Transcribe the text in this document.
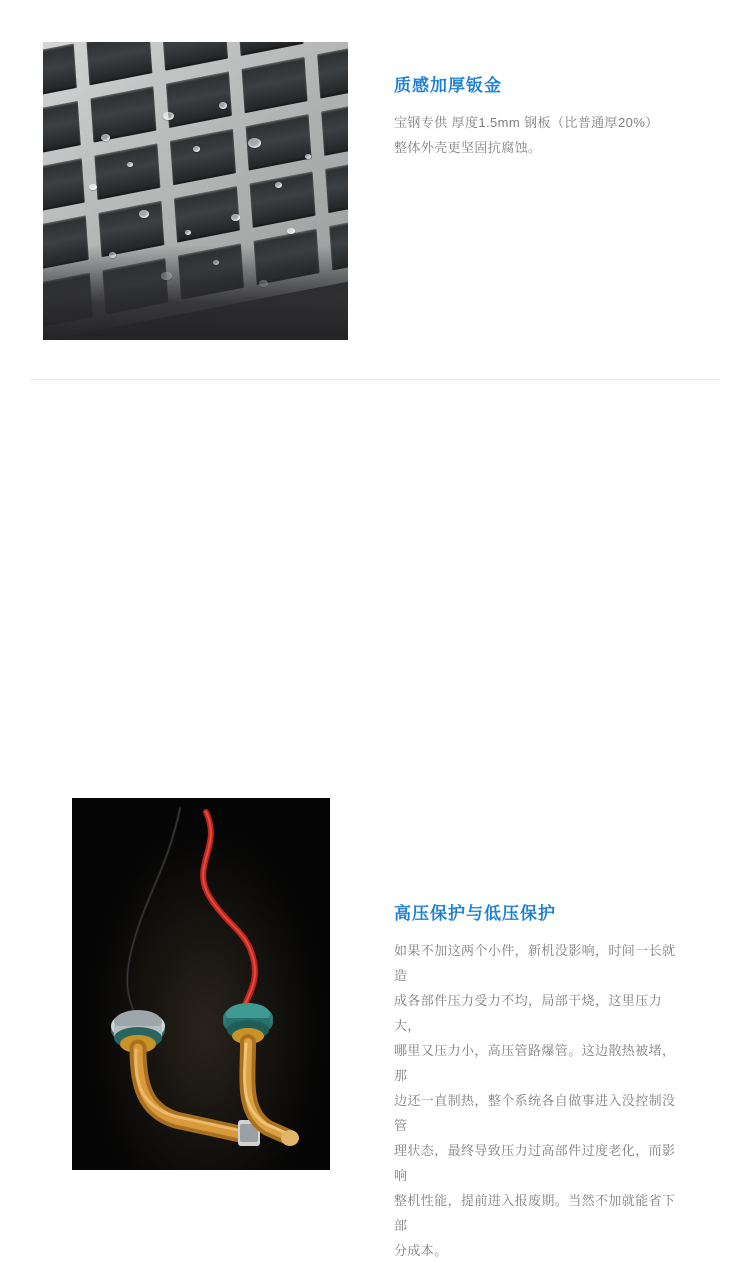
质感加厚钣金

宝钢专供 厚度1.5mm 钢板（比普通厚20%）

整体外壳更坚固抗腐蚀。

高压保护与低压保护

如果不加这两个小件，新机没影响，时间一长就造

成各部件压力受力不均，局部干烧，这里压力大，

哪里又压力小，高压管路爆管。这边散热被堵，那

边还一直制热，整个系统各自做事进入没控制没管

理状态，最终导致压力过高部件过度老化，而影响

整机性能，提前进入报废期。当然不加就能省下部

分成本。
